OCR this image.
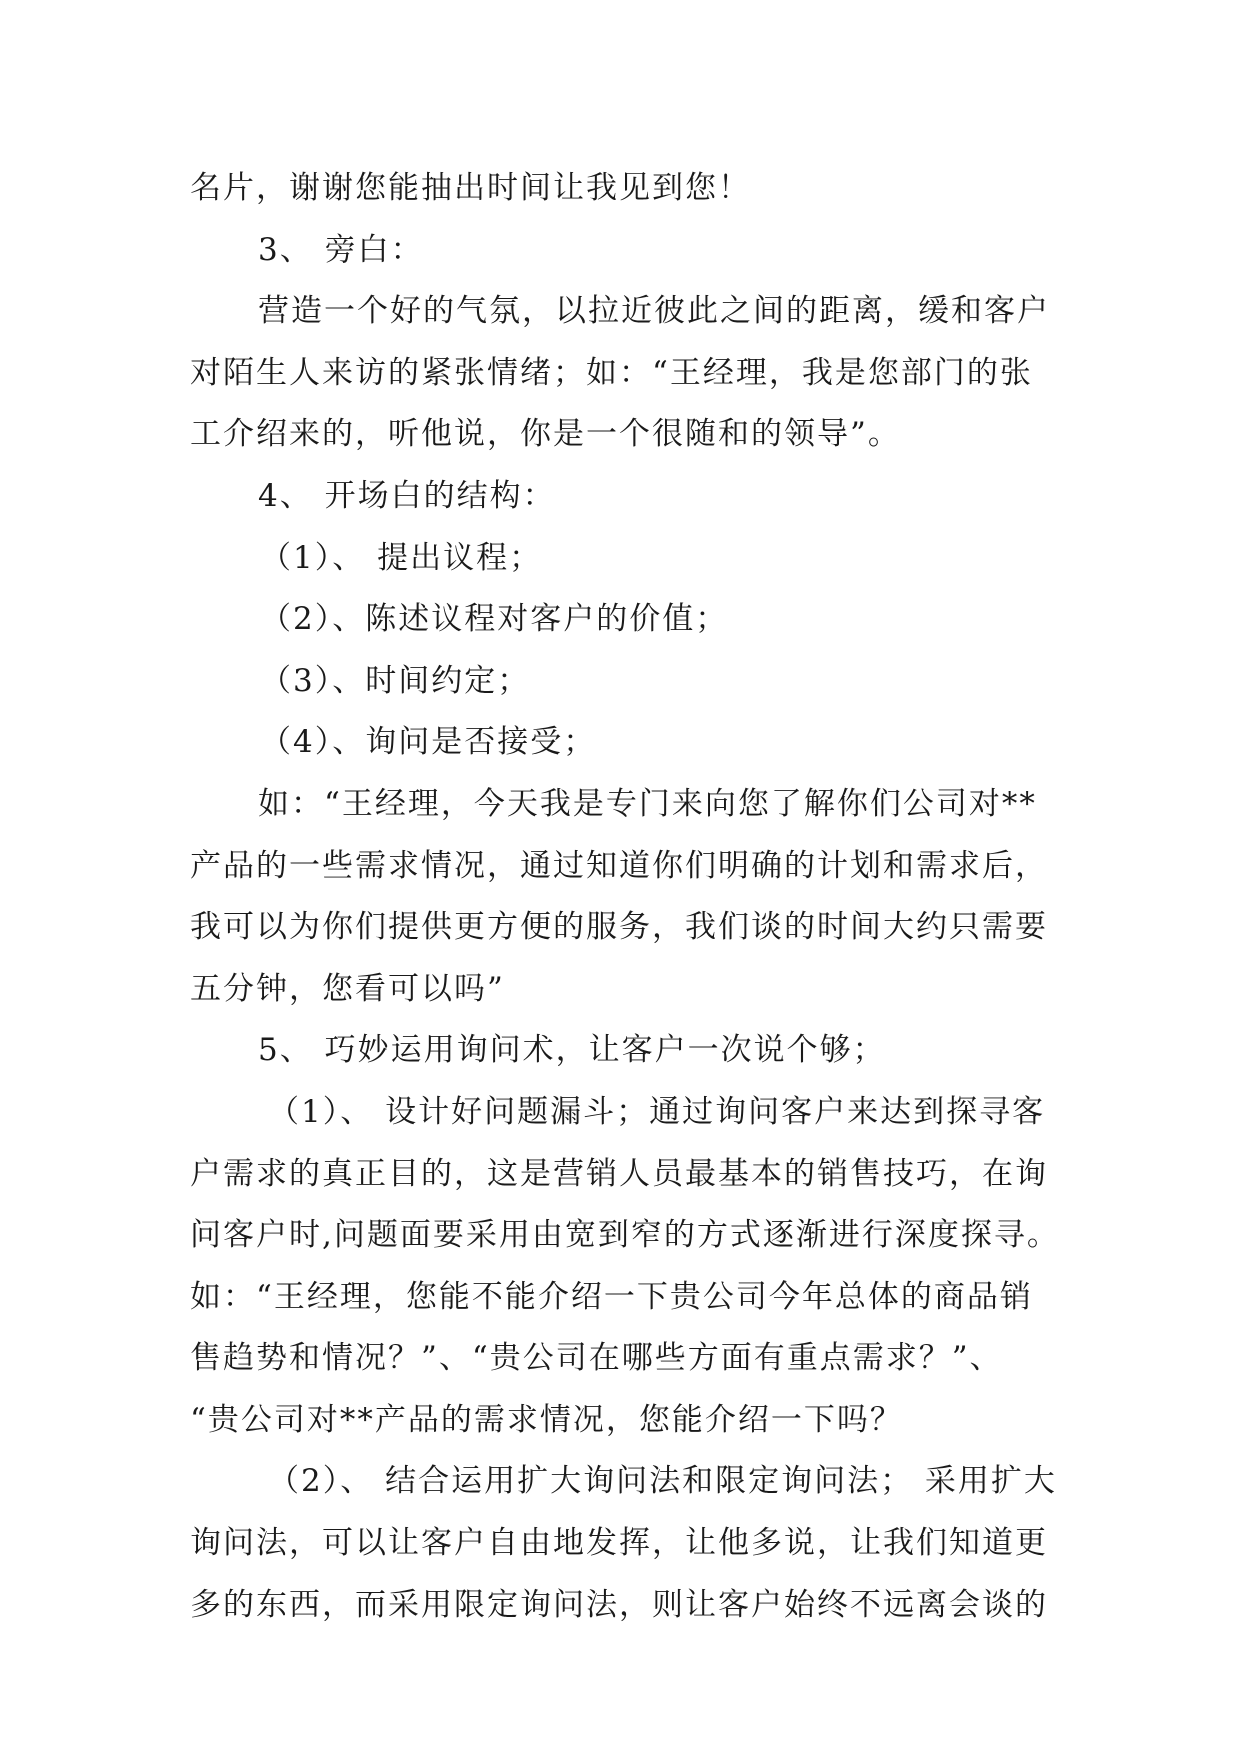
名片，谢谢您能抽出时间让我见到您！
3、 旁白：
营造一个好的气氛，以拉近彼此之间的距离，缓和客户
对陌生人来访的紧张情绪；如：“王经理，我是您部门的张
工介绍来的，听他说，你是一个很随和的领导”。
4、 开场白的结构：
（1）、 提出议程；
（2）、陈述议程对客户的价值；
（3）、时间约定；
（4）、询问是否接受；
如：“王经理，今天我是专门来向您了解你们公司对**
产品的一些需求情况，通过知道你们明确的计划和需求后，
我可以为你们提供更方便的服务，我们谈的时间大约只需要
五分钟，您看可以吗”
5、 巧妙运用询问术，让客户一次说个够；
（1）、 设计好问题漏斗；通过询问客户来达到探寻客
户需求的真正目的，这是营销人员最基本的销售技巧，在询
问客户时,问题面要采用由宽到窄的方式逐渐进行深度探寻。
如：“王经理，您能不能介绍一下贵公司今年总体的商品销
售趋势和情况？”、“贵公司在哪些方面有重点需求？”、
“贵公司对**产品的需求情况，您能介绍一下吗？
（2）、 结合运用扩大询问法和限定询问法； 采用扩大
询问法，可以让客户自由地发挥，让他多说，让我们知道更
多的东西，而采用限定询问法，则让客户始终不远离会谈的
